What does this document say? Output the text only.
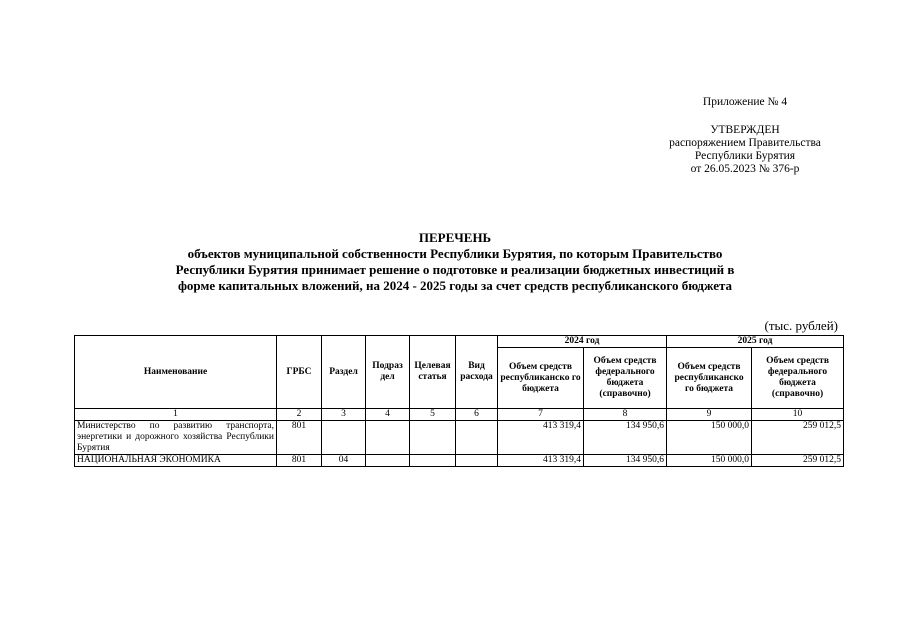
Приложение № 4
УТВЕРЖДЕН
распоряжением Правительства
Республики Бурятия
от 26.05.2023 № 376-р
ПЕРЕЧЕНЬ
объектов муниципальной собственности Республики Бурятия, по которым Правительство
Республики Бурятия принимает решение о подготовке и реализации бюджетных инвестиций в
форме капитальных вложений, на 2024 - 2025 годы за счет средств республиканского бюджета
(тыс. рублей)
Наименование	ГРБС	Раздел	Подраз дел	Целевая статья	Вид расхода	2024 год		2025 год	
						Объем средств республиканско го бюджета	Объем средств федерального бюджета (справочно)	Объем средств республиканско го бюджета	Объем средств федерального бюджета (справочно)
1	2	3	4	5	6	7	8	9	10
Министерство по развитию транспорта, энергетики и дорожного хозяйства Республики Бурятия	801					413 319,4	134 950,6	150 000,0	259 012,5
НАЦИОНАЛЬНАЯ ЭКОНОМИКА	801	04				413 319,4	134 950,6	150 000,0	259 012,5
